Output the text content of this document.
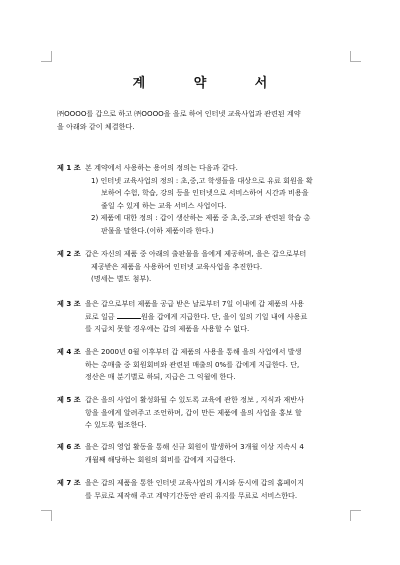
계 약 서
㈜OOOO를 갑으로 하고 ㈜OOOO을 을로 하여 인터넷 교육사업과 관련된 계약
을 아래와 같이 체결한다.
제 1 조 본 계약에서 사용하는 용어의 정의는 다음과 같다.
1) 인터넷 교육사업의 정의 : 초,중,고 학생들을 대상으로 유료 회원을 확
보하여 수험, 학습, 강의 등을 인터넷으로 서비스하여 시간과 비용을
줄일 수 있게 하는 교육 서비스 사업이다.
2) 제품에 대한 정의 : 갑이 생산하는 제품 중 초,중,고와 관련된 학습 총
판물을 말한다.(이하 제품이라 한다.)
제 2 조 갑은 자신의 제품 중 아래의 출판물을 을에게 제공하며, 을은 갑으로부터
제공받은 제품을 사용하여 인터넷 교육사업을 추진한다.
(명세는 별도 첨부).
제 3 조 을은 갑으로부터 제품을 공급 받은 날로부터 7일 이내에 갑 제품의 사용
료로 일금	원을 갑에게 지급한다. 단, 을이 일의 기일 내에 사용료
를 지급치 못할 경우에는 갑의 제품을 사용할 수 없다.
제 4 조 을은 2000년 0월 이후부터 갑 제품의 사용을 통해 을의 사업에서 발생
하는 총매출 중 회원회비와 관련된 매출의 0%를 갑에게 지급한다. 단,
정산은 매 분기별로 하되, 지급은 그 익월에 한다.
제 5 조 갑은 을의 사업이 활성화될 수 있도록 교육에 관한 정보 , 지식과 재반사
항을 을에게 알려주고 조언하며, 갑이 만든 제품에 을의 사업을 홍보 할
수 있도록 협조한다.
제 6 조 을은 갑의 영업 활동을 통해 신규 회원이 발생하여 3개월 이상 지속시 4
개월째 해당하는 회원의 회비를 갑에게 지급한다.
제 7 조 을은 갑의 제품을 통한 인터넷 교육사업의 개시와 동시에 갑의 홈페이지
를 무료로 제작해 주고 계약기간동안 관리 유지를 무료로 서비스한다.
